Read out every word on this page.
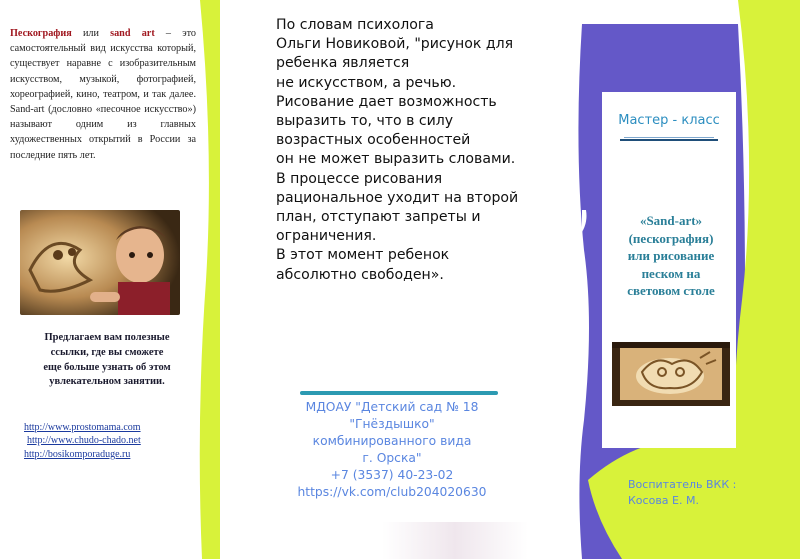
Пескография или sand art – это самостоятельный вид искусства который, существует наравне с изобразительным искусством, музыкой, фотографией, хореографией, кино, театром, и так далее. Sand-art (дословно «песочное искусство») называют одним из главных художественных открытий в России за последние пять лет.
Предлагаем вам полезные
ссылки, где вы сможете
еще больше узнать об этом
увлекательном занятии.
http://www.prostomama.com
http://www.chudo-chado.net
http://bosikomporaduge.ru
По словам психолога
Ольги Новиковой, "рисунок для
ребенка является
не искусством, а речью.
Рисование дает возможность
выразить то, что в силу
возрастных особенностей
он не может выразить словами.
В процессе рисования
рациональное уходит на второй
план, отступают запреты и
ограничения.
В этот момент ребенок
абсолютно свободен».
МДОАУ "Детский сад № 18
"Гнёздышко"
комбинированного вида
г. Орска"
+7 (3537) 40-23-02
https://vk.com/club204020630
Мастер - класс
«Sand-art»
(пескография)
или рисование
песком на
световом столе
Воспитатель ВКК :
Косова Е. М.
